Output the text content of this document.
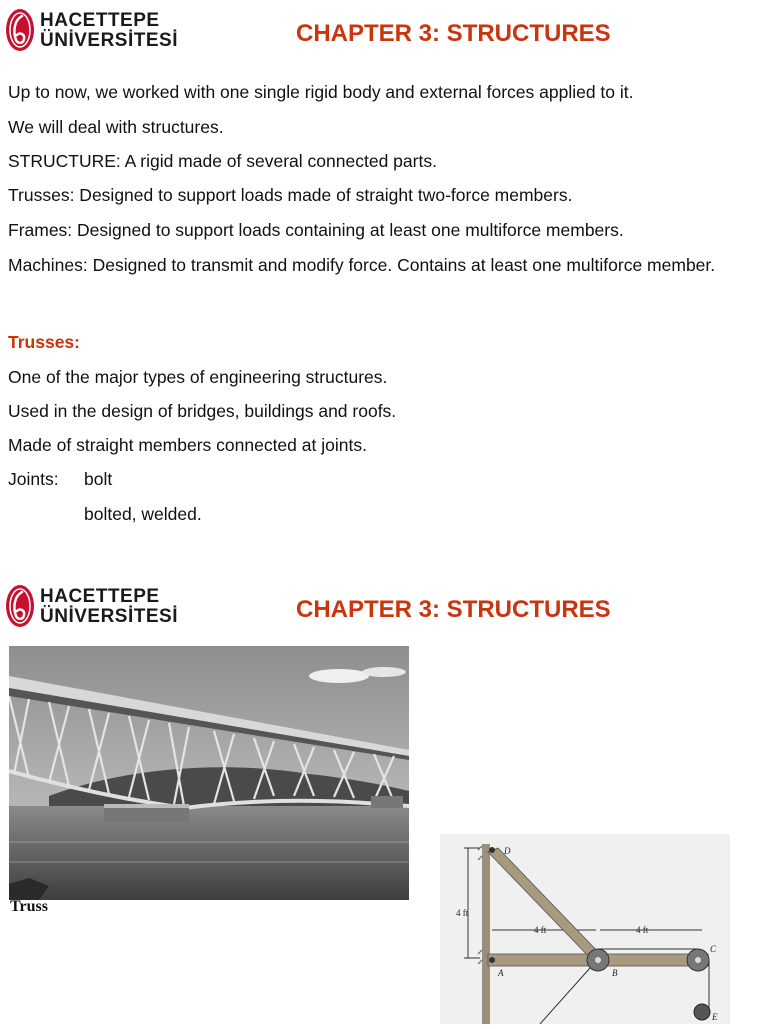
HACETTEPE
ÜNİVERSİTESİ	CHAPTER 3: STRUCTURES
Up to now, we worked with one single rigid body and external forces applied to it.
We will deal with structures.
STRUCTURE: A rigid made of several connected parts.
Trusses: Designed to support loads made of straight two-force members.
Frames: Designed to support loads containing at least one multiforce members.
Machines: Designed to transmit and modify force. Contains at least one multiforce member.
Trusses:
One of the major types of engineering structures.
Used in the design of bridges, buildings and roofs.
Made of straight members connected at joints.
Joints: bolt
bolted, welded.
HACETTEPE
ÜNİVERSİTESİ	CHAPTER 3: STRUCTURES
Truss	4 ft
4 ft	4 ft
D
A	B
C
E
